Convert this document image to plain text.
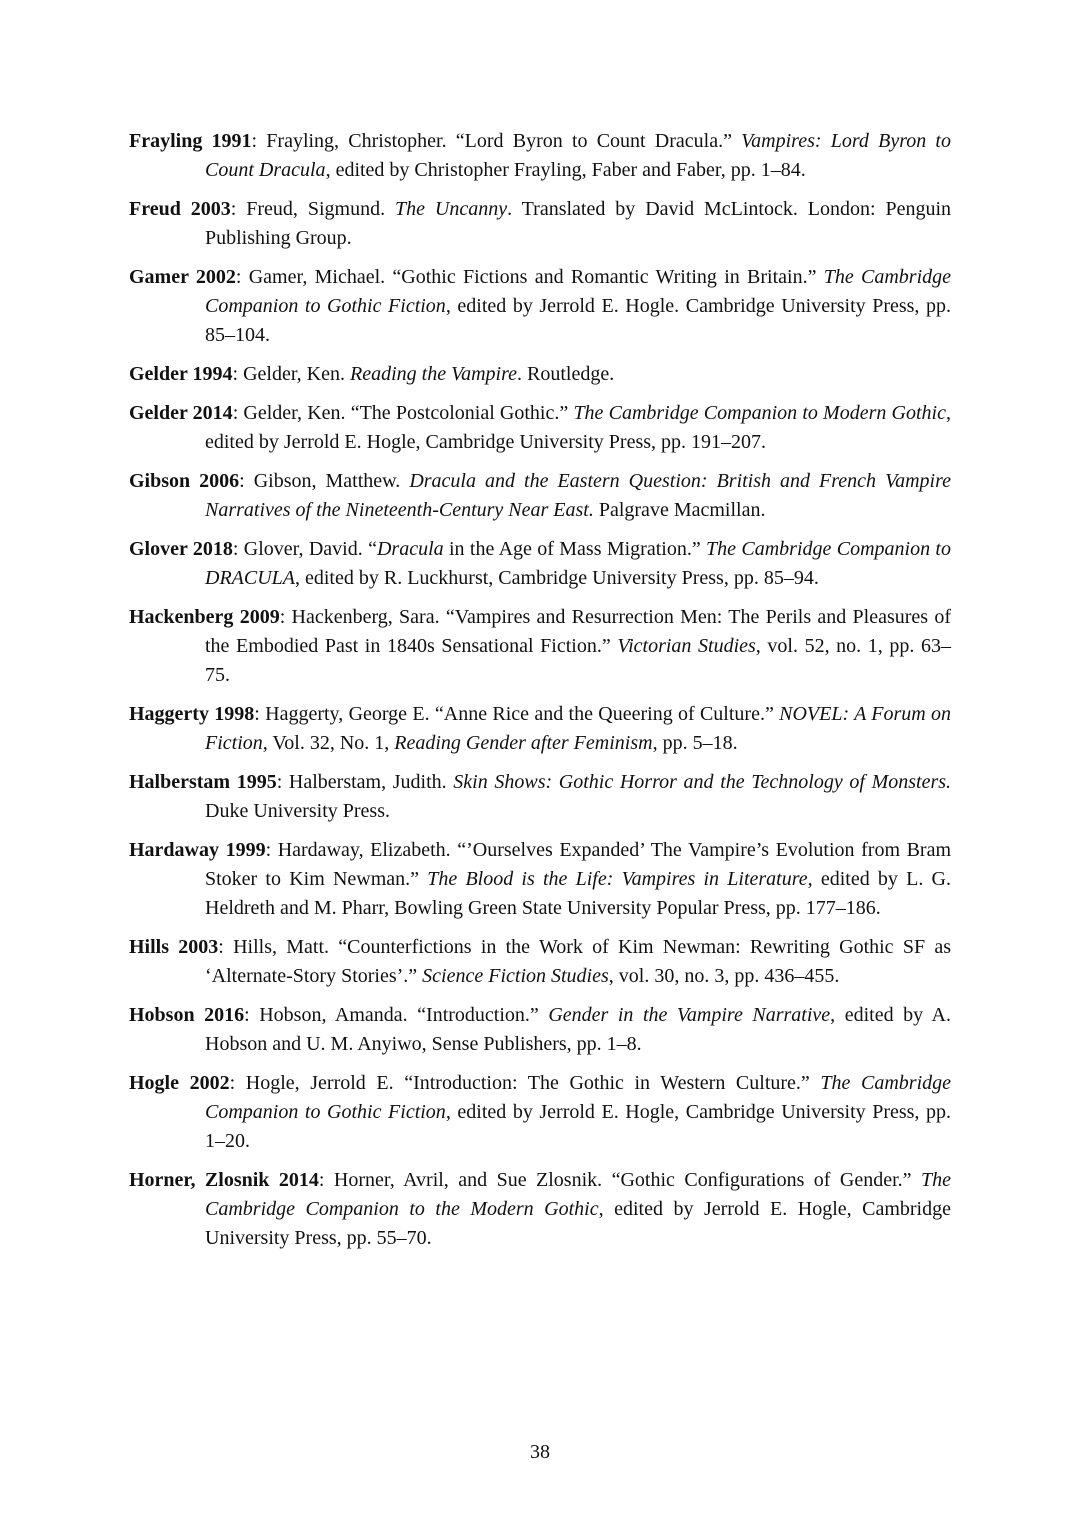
Frayling 1991: Frayling, Christopher. “Lord Byron to Count Dracula.” Vampires: Lord Byron to Count Dracula, edited by Christopher Frayling, Faber and Faber, pp. 1–84.

Freud 2003: Freud, Sigmund. The Uncanny. Translated by David McLintock. London: Penguin Publishing Group.

Gamer 2002: Gamer, Michael. “Gothic Fictions and Romantic Writing in Britain.” The Cambridge Companion to Gothic Fiction, edited by Jerrold E. Hogle. Cambridge University Press, pp. 85–104.

Gelder 1994: Gelder, Ken. Reading the Vampire. Routledge.

Gelder 2014: Gelder, Ken. “The Postcolonial Gothic.” The Cambridge Companion to Modern Gothic, edited by Jerrold E. Hogle, Cambridge University Press, pp. 191–207.

Gibson 2006: Gibson, Matthew. Dracula and the Eastern Question: British and French Vampire Narratives of the Nineteenth-Century Near East. Palgrave Macmillan.

Glover 2018: Glover, David. “Dracula in the Age of Mass Migration.” The Cambridge Companion to DRACULA, edited by R. Luckhurst, Cambridge University Press, pp. 85–94.

Hackenberg 2009: Hackenberg, Sara. “Vampires and Resurrection Men: The Perils and Pleasures of the Embodied Past in 1840s Sensational Fiction.” Victorian Studies, vol. 52, no. 1, pp. 63–75.

Haggerty 1998: Haggerty, George E. “Anne Rice and the Queering of Culture.” NOVEL: A Forum on Fiction, Vol. 32, No. 1, Reading Gender after Feminism, pp. 5–18.

Halberstam 1995: Halberstam, Judith. Skin Shows: Gothic Horror and the Technology of Monsters. Duke University Press.

Hardaway 1999: Hardaway, Elizabeth. “’Ourselves Expanded’ The Vampire’s Evolution from Bram Stoker to Kim Newman.” The Blood is the Life: Vampires in Literature, edited by L. G. Heldreth and M. Pharr, Bowling Green State University Popular Press, pp. 177–186.

Hills 2003: Hills, Matt. “Counterfictions in the Work of Kim Newman: Rewriting Gothic SF as ‘Alternate-Story Stories’.” Science Fiction Studies, vol. 30, no. 3, pp. 436–455.

Hobson 2016: Hobson, Amanda. “Introduction.” Gender in the Vampire Narrative, edited by A. Hobson and U. M. Anyiwo, Sense Publishers, pp. 1–8.

Hogle 2002: Hogle, Jerrold E. “Introduction: The Gothic in Western Culture.” The Cambridge Companion to Gothic Fiction, edited by Jerrold E. Hogle, Cambridge University Press, pp. 1–20.

Horner, Zlosnik 2014: Horner, Avril, and Sue Zlosnik. “Gothic Configurations of Gender.” The Cambridge Companion to the Modern Gothic, edited by Jerrold E. Hogle, Cambridge University Press, pp. 55–70.

38
